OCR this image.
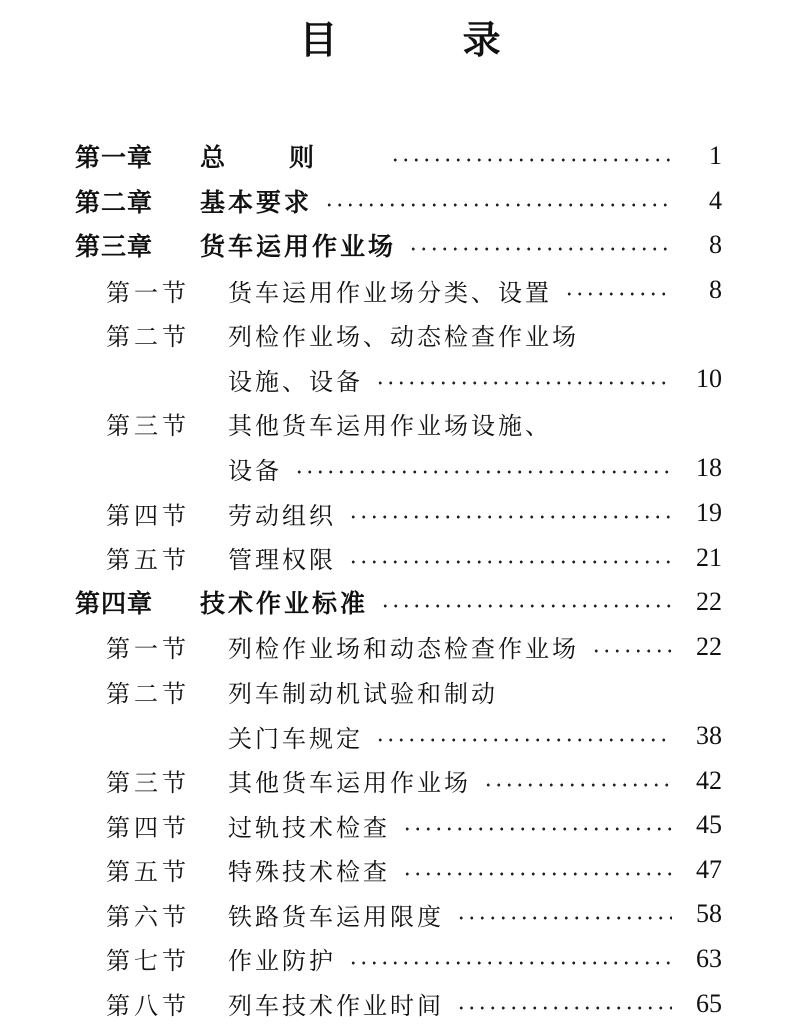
目 录
第一章 总则	1
第二章 基本要求	4
第三章 货车运用作业场	8
第一节 货车运用作业场分类、设置	8
第二节 列检作业场、动态检查作业场
设施、设备	10
第三节 其他货车运用作业场设施、
设备	18
第四节 劳动组织	19
第五节 管理权限	21
第四章 技术作业标准	22
第一节 列检作业场和动态检查作业场	22
第二节 列车制动机试验和制动
关门车规定	38
第三节 其他货车运用作业场	42
第四节 过轨技术检查	45
第五节 特殊技术检查	47
第六节 铁路货车运用限度	58
第七节 作业防护	63
第八节 列车技术作业时间	65
